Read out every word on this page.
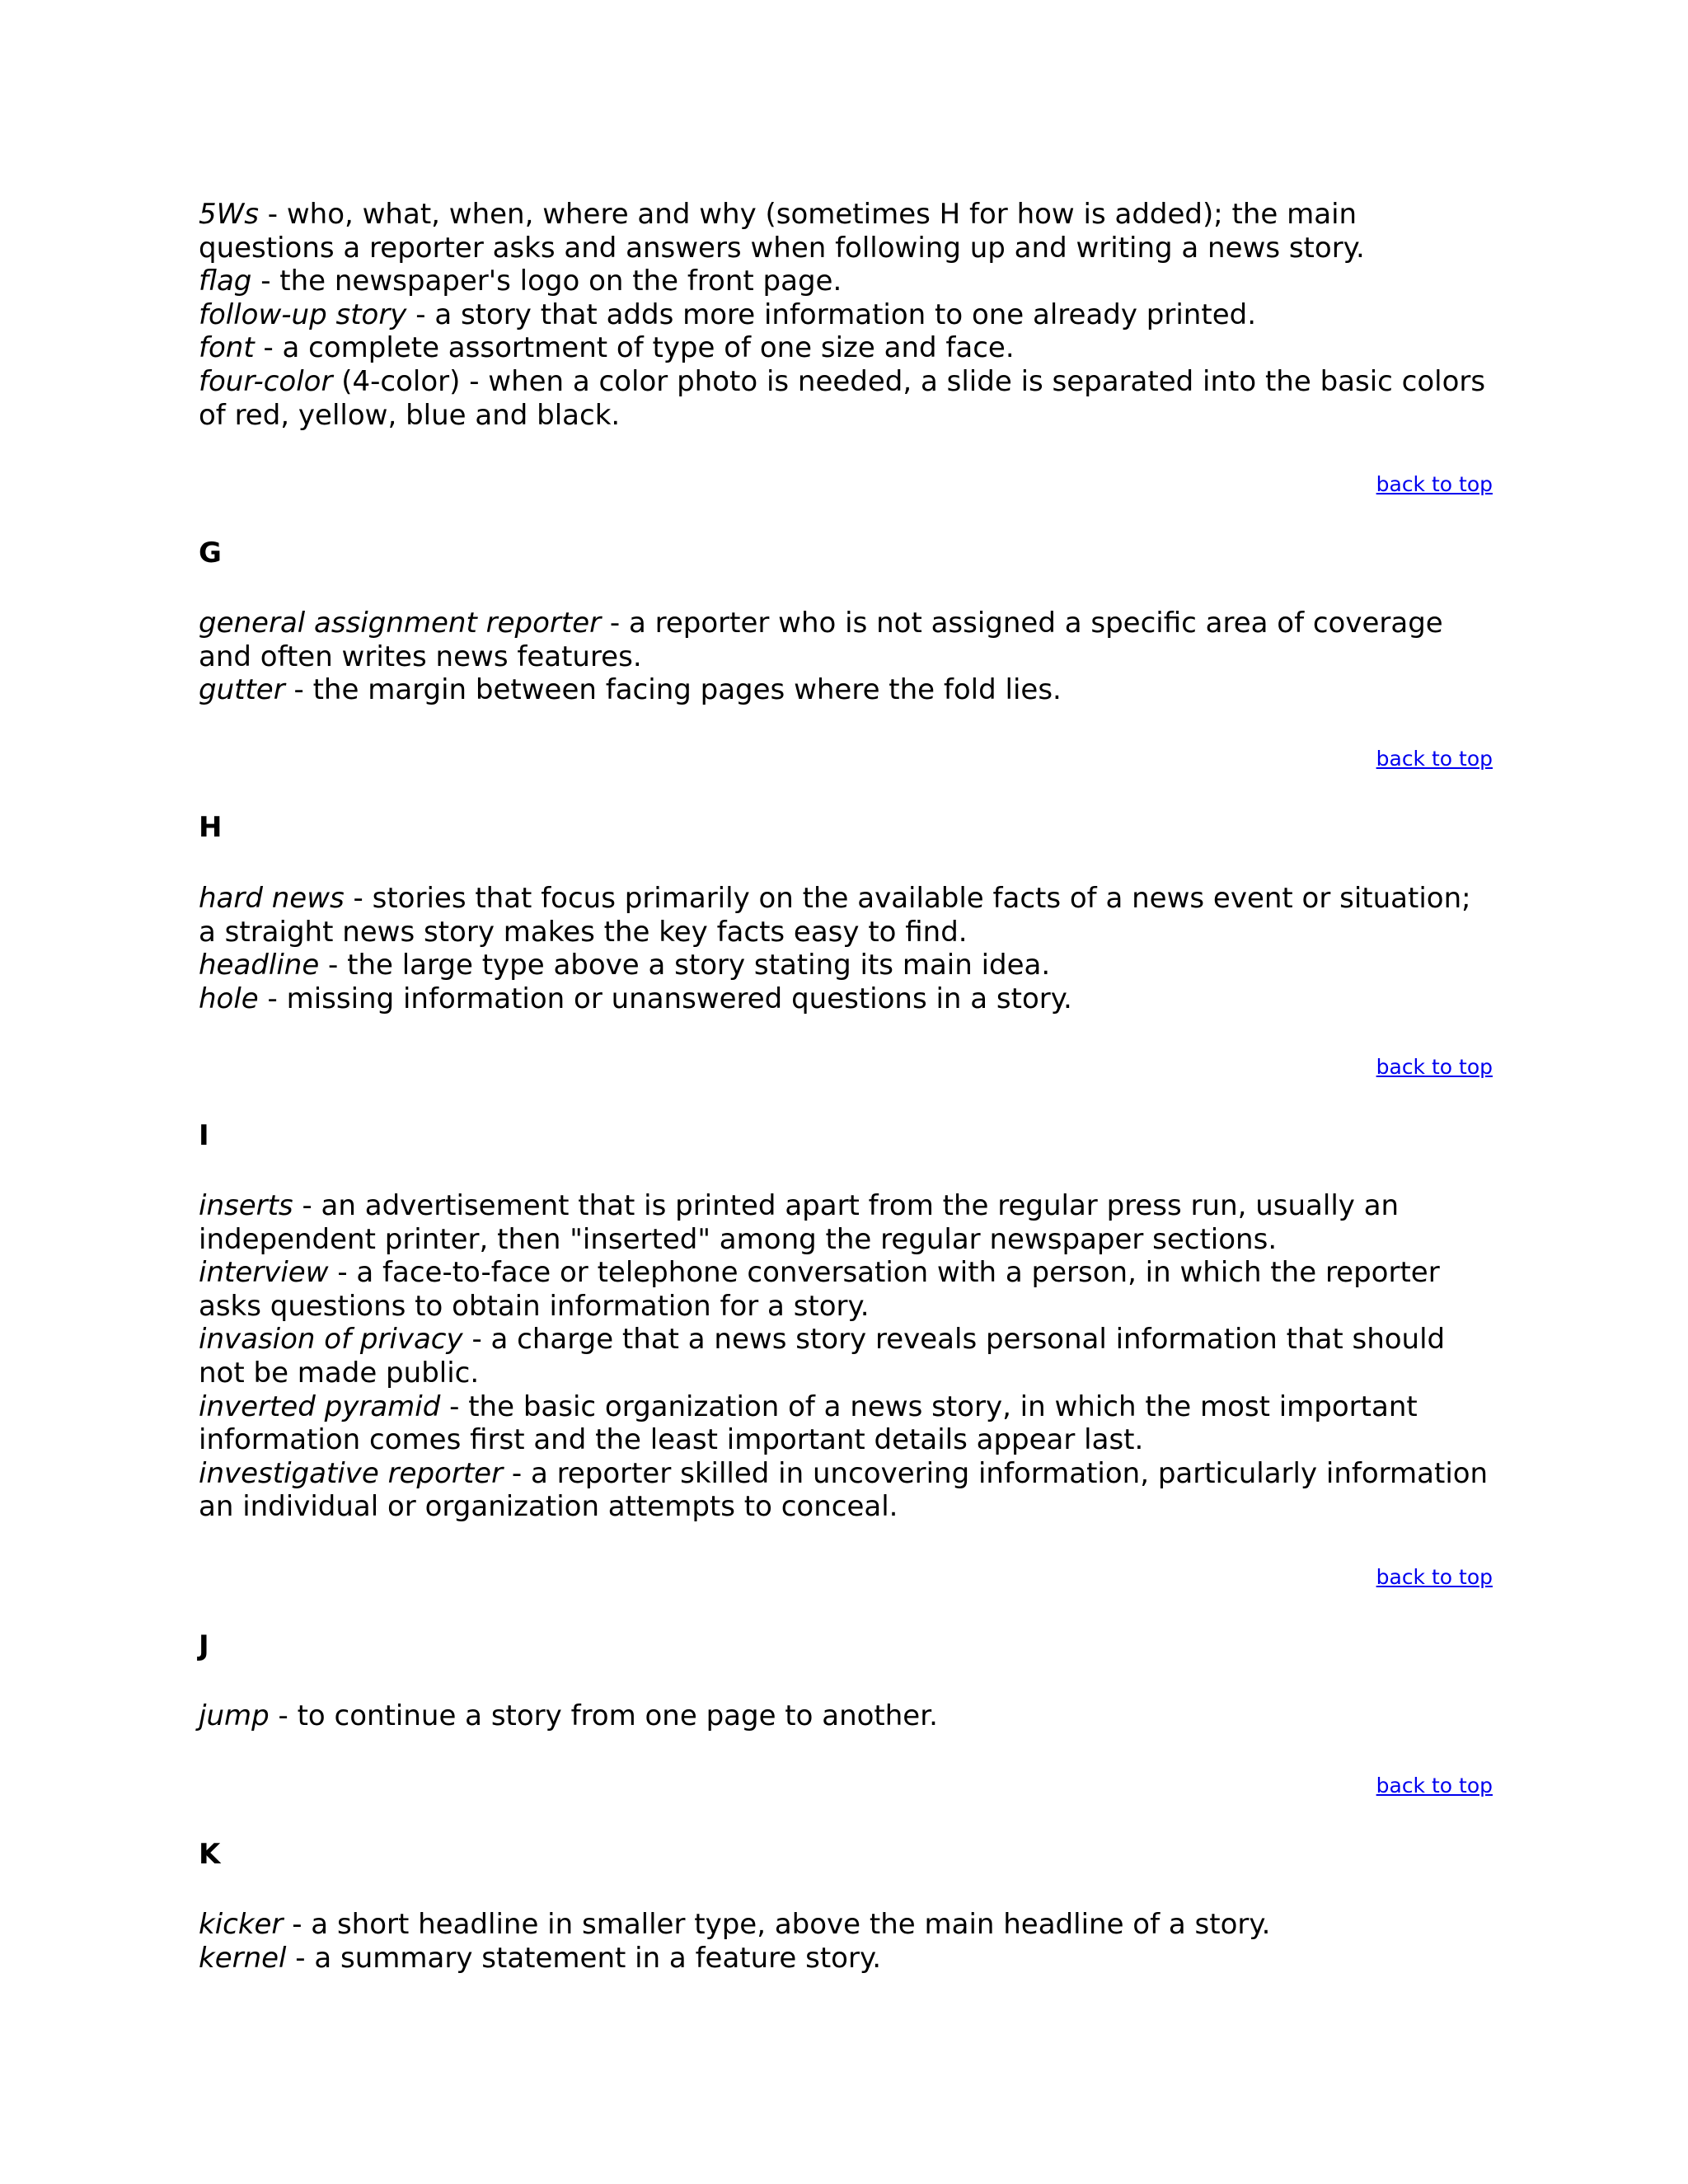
5Ws - who, what, when, where and why (sometimes H for how is added); the main questions a reporter asks and answers when following up and writing a news story.

flag - the newspaper's logo on the front page.

follow-up story - a story that adds more information to one already printed.

font - a complete assortment of type of one size and face.

four-color (4-color) - when a color photo is needed, a slide is separated into the basic colors of red, yellow, blue and black.

back to top
G

general assignment reporter - a reporter who is not assigned a specific area of coverage and often writes news features.

gutter - the margin between facing pages where the fold lies.

back to top
H

hard news - stories that focus primarily on the available facts of a news event or situation; a straight news story makes the key facts easy to find.

headline - the large type above a story stating its main idea.

hole - missing information or unanswered questions in a story.

back to top
I

inserts - an advertisement that is printed apart from the regular press run, usually an independent printer, then "inserted" among the regular newspaper sections.

interview - a face-to-face or telephone conversation with a person, in which the reporter asks questions to obtain information for a story.

invasion of privacy - a charge that a news story reveals personal information that should not be made public.

inverted pyramid - the basic organization of a news story, in which the most important information comes first and the least important details appear last.

investigative reporter - a reporter skilled in uncovering information, particularly information an individual or organization attempts to conceal.

back to top
J

jump - to continue a story from one page to another.

back to top
K

kicker - a short headline in smaller type, above the main headline of a story.

kernel - a summary statement in a feature story.
